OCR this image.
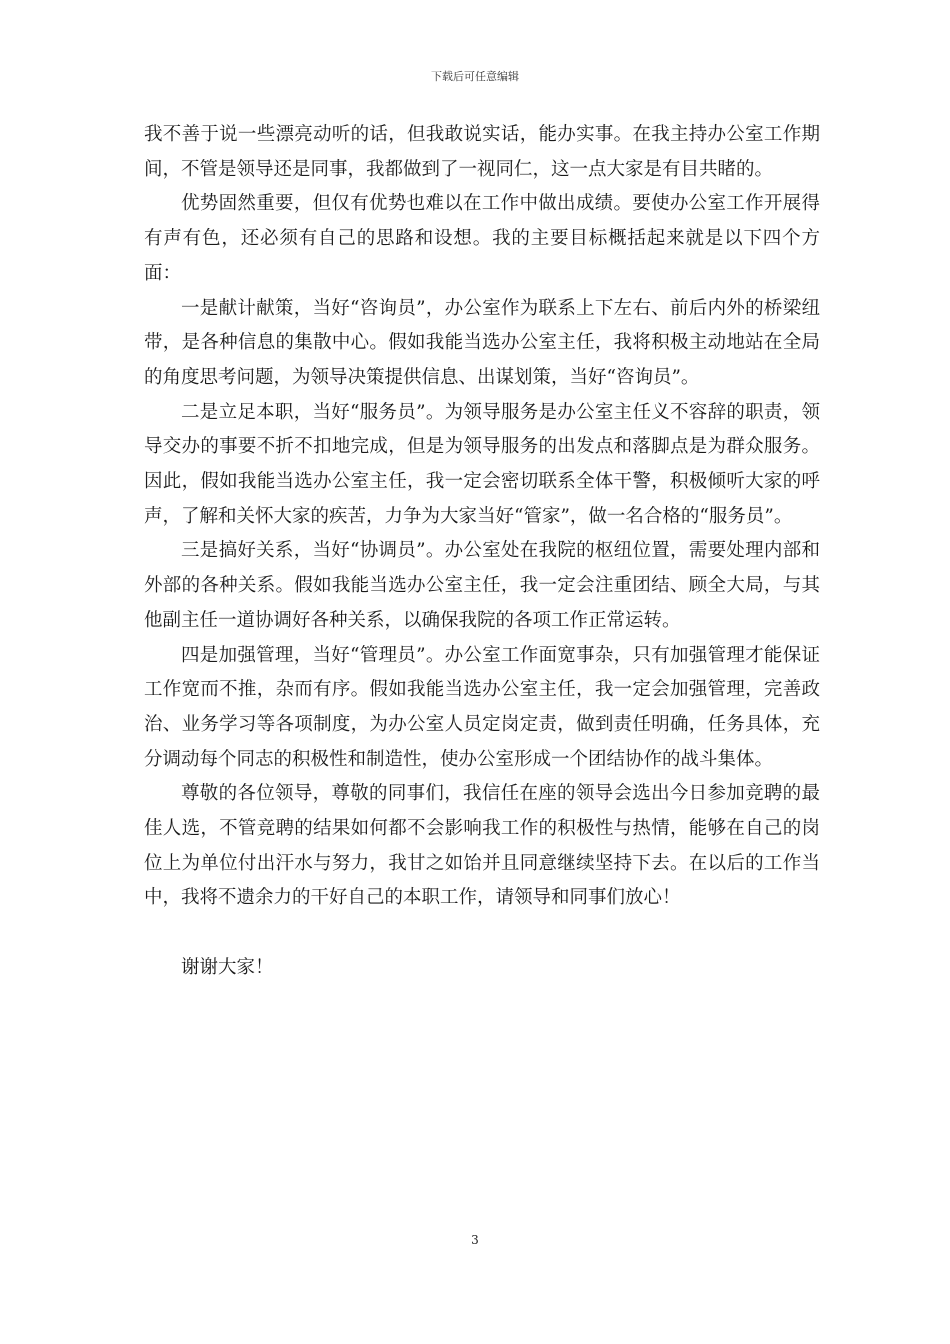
下载后可任意编辑

我不善于说一些漂亮动听的话，但我敢说实话，能办实事。在我主持办公室工作期间，不管是领导还是同事，我都做到了一视同仁，这一点大家是有目共睹的。

优势固然重要，但仅有优势也难以在工作中做出成绩。要使办公室工作开展得有声有色，还必须有自己的思路和设想。我的主要目标概括起来就是以下四个方面：

一是献计献策，当好“咨询员”，办公室作为联系上下左右、前后内外的桥梁纽带，是各种信息的集散中心。假如我能当选办公室主任，我将积极主动地站在全局的角度思考问题，为领导决策提供信息、出谋划策，当好“咨询员”。

二是立足本职，当好“服务员”。为领导服务是办公室主任义不容辞的职责，领导交办的事要不折不扣地完成，但是为领导服务的出发点和落脚点是为群众服务。因此，假如我能当选办公室主任，我一定会密切联系全体干警，积极倾听大家的呼声，了解和关怀大家的疾苦，力争为大家当好“管家”，做一名合格的“服务员”。

三是搞好关系，当好“协调员”。办公室处在我院的枢纽位置，需要处理内部和外部的各种关系。假如我能当选办公室主任，我一定会注重团结、顾全大局，与其他副主任一道协调好各种关系，以确保我院的各项工作正常运转。

四是加强管理，当好“管理员”。办公室工作面宽事杂，只有加强管理才能保证工作宽而不推，杂而有序。假如我能当选办公室主任，我一定会加强管理，完善政治、业务学习等各项制度，为办公室人员定岗定责，做到责任明确，任务具体，充分调动每个同志的积极性和制造性，使办公室形成一个团结协作的战斗集体。

尊敬的各位领导，尊敬的同事们，我信任在座的领导会选出今日参加竞聘的最佳人选，不管竞聘的结果如何都不会影响我工作的积极性与热情，能够在自己的岗位上为单位付出汗水与努力，我甘之如饴并且同意继续坚持下去。在以后的工作当中，我将不遗余力的干好自己的本职工作，请领导和同事们放心！

谢谢大家！

3
